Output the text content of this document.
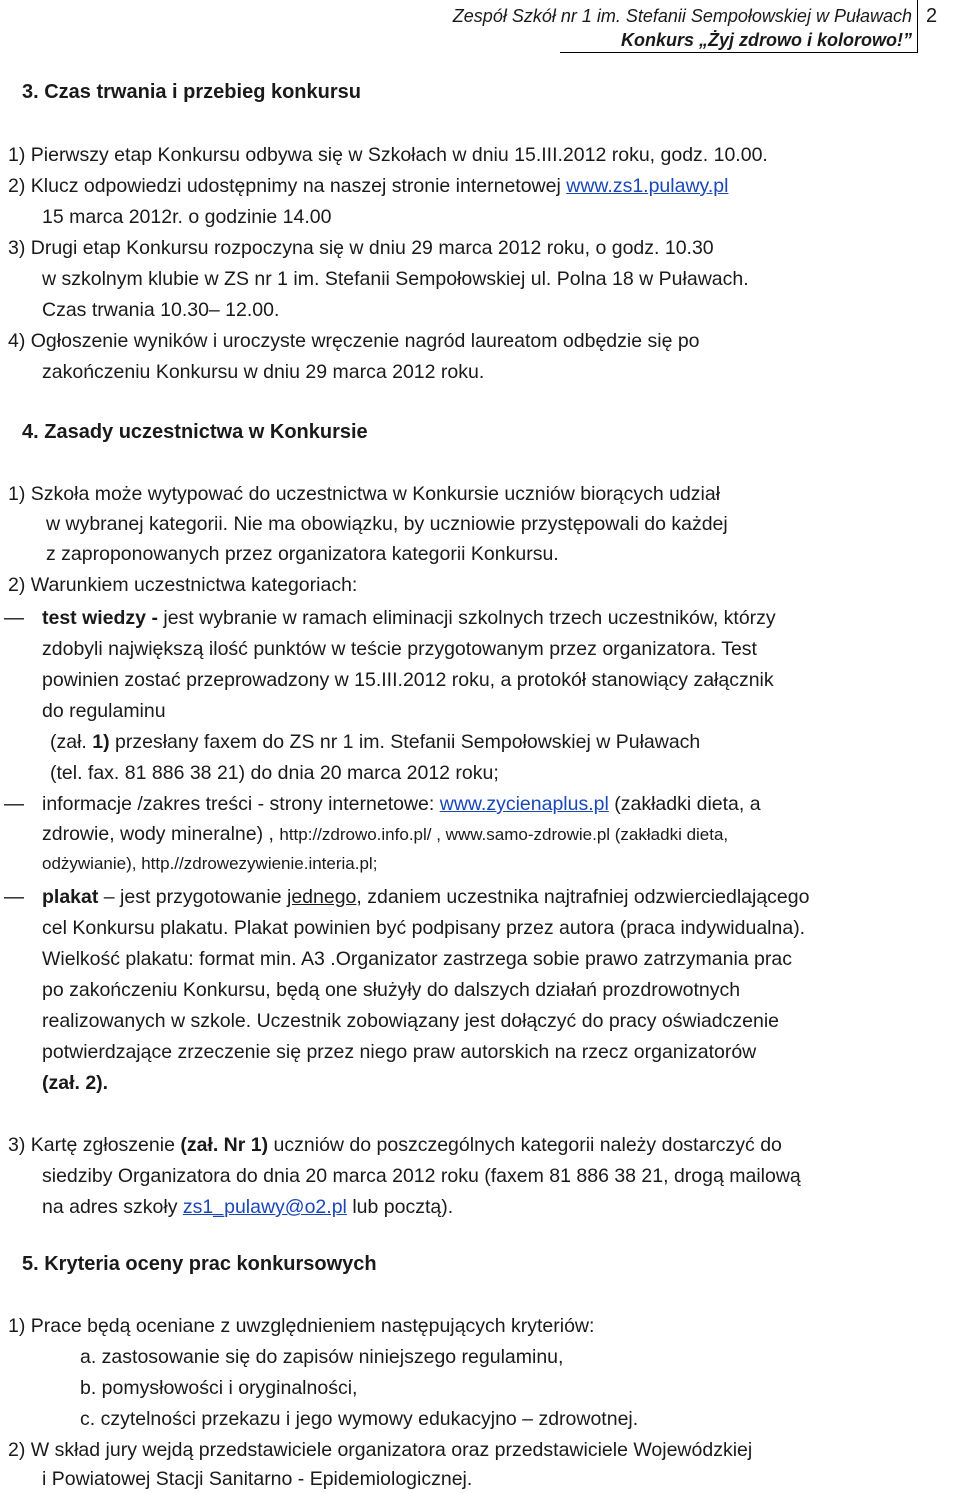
Zespół Szkół nr 1 im. Stefanii Sempołowskiej w Puławach
Konkurs „Żyj zdrowo i kolorowo!”
2
3. Czas trwania i przebieg konkursu
1) Pierwszy etap Konkursu odbywa się w Szkołach w dniu 15.III.2012 roku, godz. 10.00.
2) Klucz odpowiedzi udostępnimy na naszej stronie internetowej www.zs1.pulawy.pl
15 marca 2012r. o godzinie 14.00
3) Drugi etap Konkursu rozpoczyna się w dniu 29 marca 2012 roku, o godz. 10.30
w szkolnym klubie w ZS nr 1 im. Stefanii Sempołowskiej ul. Polna 18 w Puławach.
Czas trwania 10.30– 12.00.
4) Ogłoszenie wyników i uroczyste wręczenie nagród laureatom odbędzie się po
zakończeniu Konkursu w dniu 29 marca 2012 roku.
4. Zasady uczestnictwa w Konkursie
1) Szkoła może wytypować do uczestnictwa w Konkursie uczniów biorących udział
w wybranej kategorii. Nie ma obowiązku, by uczniowie przystępowali do każdej
z zaproponowanych przez organizatora kategorii Konkursu.
2) Warunkiem uczestnictwa kategoriach:
— test wiedzy - jest wybranie w ramach eliminacji szkolnych trzech uczestników, którzy
zdobyli największą ilość punktów w teście przygotowanym przez organizatora. Test
powinien zostać przeprowadzony w 15.III.2012 roku, a protokół stanowiący załącznik
do regulaminu
(zał. 1) przesłany faxem do ZS nr 1 im. Stefanii Sempołowskiej w Puławach
(tel. fax. 81 886 38 21) do dnia 20 marca 2012 roku;
— informacje /zakres treści - strony internetowe: www.zycienaplus.pl (zakładki dieta, a
zdrowie, wody mineralne) , http://zdrowo.info.pl/ , www.samo-zdrowie.pl (zakładki dieta,
odżywianie), http.//zdrowezywienie.interia.pl;
— plakat – jest przygotowanie jednego, zdaniem uczestnika najtrafniej odzwierciedlającego
cel Konkursu plakatu. Plakat powinien być podpisany przez autora (praca indywidualna).
Wielkość plakatu: format min. A3 .Organizator zastrzega sobie prawo zatrzymania prac
po zakończeniu Konkursu, będą one służyły do dalszych działań prozdrowotnych
realizowanych w szkole. Uczestnik zobowiązany jest dołączyć do pracy oświadczenie
potwierdzające zrzeczenie się przez niego praw autorskich na rzecz organizatorów
(zał. 2).
3) Kartę zgłoszenie (zał. Nr 1) uczniów do poszczególnych kategorii należy dostarczyć do
siedziby Organizatora do dnia 20 marca 2012 roku (faxem 81 886 38 21, drogą mailową
na adres szkoły zs1_pulawy@o2.pl lub pocztą).
5. Kryteria oceny prac konkursowych
1) Prace będą oceniane z uwzględnieniem następujących kryteriów:
a. zastosowanie się do zapisów niniejszego regulaminu,
b. pomysłowości i oryginalności,
c. czytelności przekazu i jego wymowy edukacyjno – zdrowotnej.
2) W skład jury wejdą przedstawiciele organizatora oraz przedstawiciele Wojewódzkiej
i Powiatowej Stacji Sanitarno - Epidemiologicznej.
